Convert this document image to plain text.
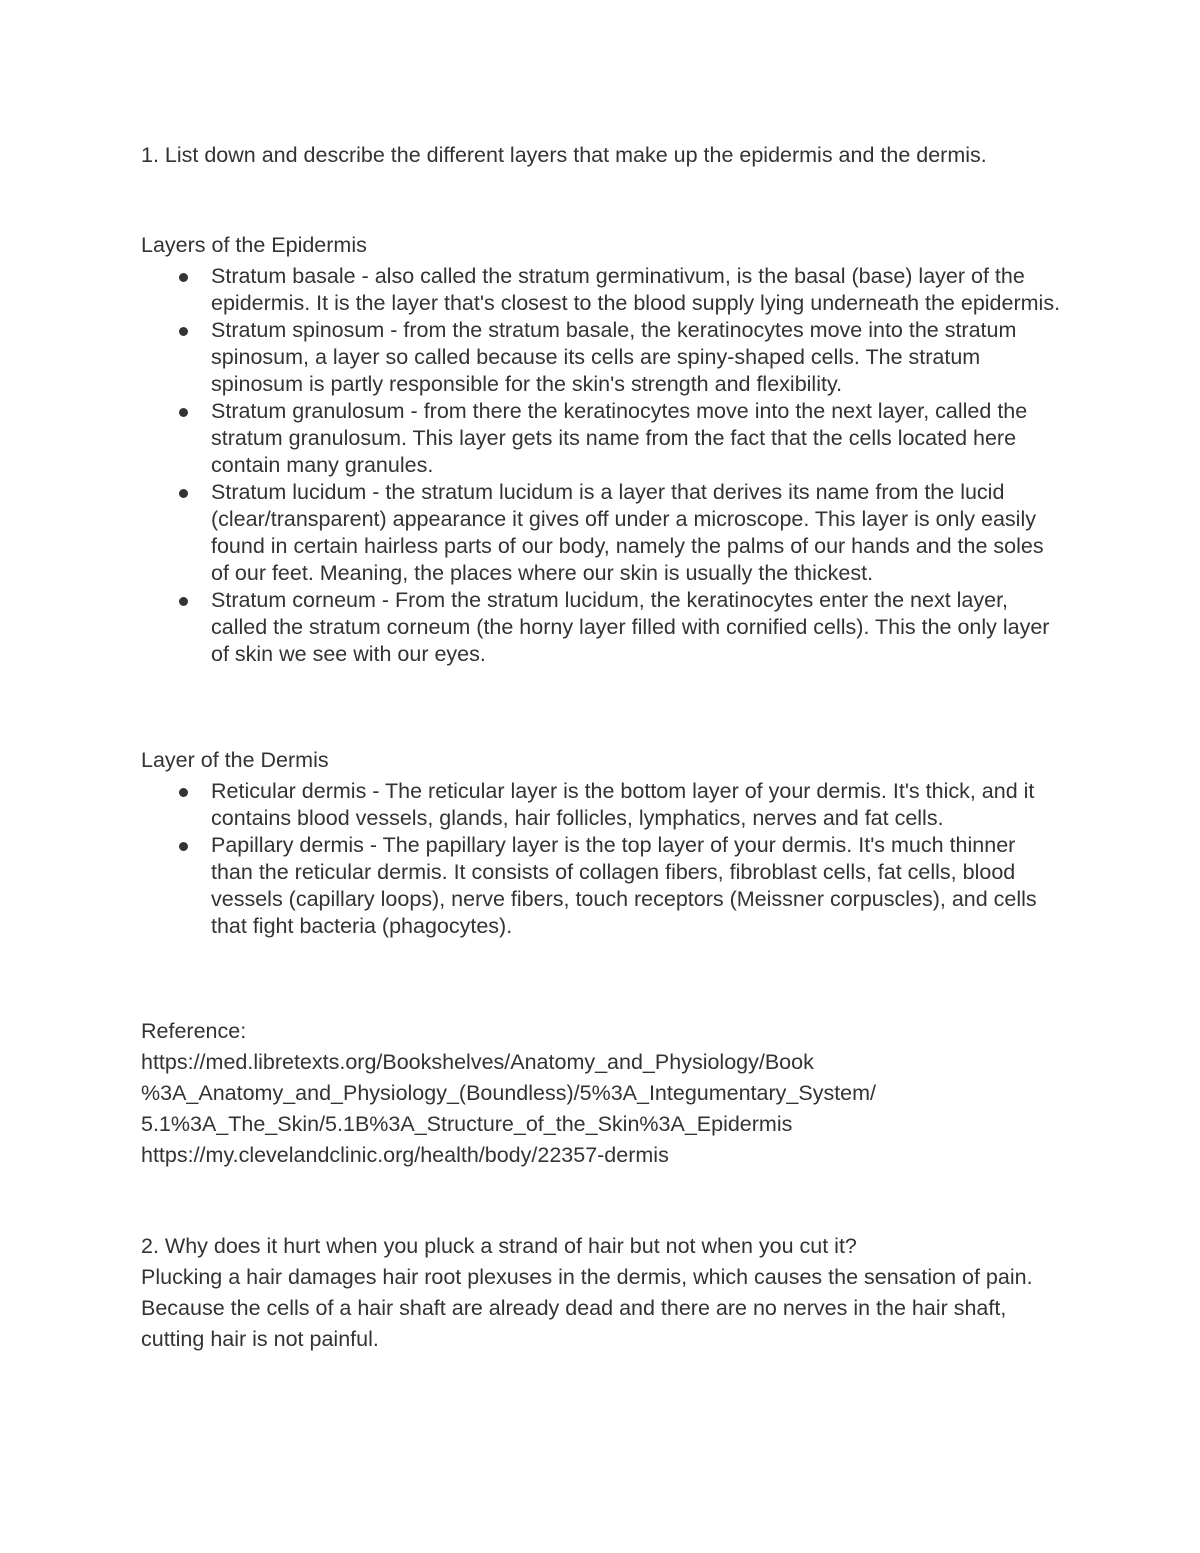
1. List down and describe the different layers that make up the epidermis and the dermis.
Layers of the Epidermis
Stratum basale - also called the stratum germinativum, is the basal (base) layer of the epidermis. It is the layer that's closest to the blood supply lying underneath the epidermis.
Stratum spinosum - from the stratum basale, the keratinocytes move into the stratum spinosum, a layer so called because its cells are spiny-shaped cells. The stratum spinosum is partly responsible for the skin's strength and flexibility.
Stratum granulosum - from there the keratinocytes move into the next layer, called the stratum granulosum. This layer gets its name from the fact that the cells located here contain many granules.
Stratum lucidum - the stratum lucidum is a layer that derives its name from the lucid (clear/transparent) appearance it gives off under a microscope. This layer is only easily found in certain hairless parts of our body, namely the palms of our hands and the soles of our feet. Meaning, the places where our skin is usually the thickest.
Stratum corneum - From the stratum lucidum, the keratinocytes enter the next layer, called the stratum corneum (the horny layer filled with cornified cells). This the only layer of skin we see with our eyes.
Layer of the Dermis
Reticular dermis - The reticular layer is the bottom layer of your dermis. It's thick, and it contains blood vessels, glands, hair follicles, lymphatics, nerves and fat cells.
Papillary dermis - The papillary layer is the top layer of your dermis. It's much thinner than the reticular dermis. It consists of collagen fibers, fibroblast cells, fat cells, blood vessels (capillary loops), nerve fibers, touch receptors (Meissner corpuscles), and cells that fight bacteria (phagocytes).
Reference:
https://med.libretexts.org/Bookshelves/Anatomy_and_Physiology/Book
%3A_Anatomy_and_Physiology_(Boundless)/5%3A_Integumentary_System/
5.1%3A_The_Skin/5.1B%3A_Structure_of_the_Skin%3A_Epidermis
https://my.clevelandclinic.org/health/body/22357-dermis
2. Why does it hurt when you pluck a strand of hair but not when you cut it?
Plucking a hair damages hair root plexuses in the dermis, which causes the sensation of pain. Because the cells of a hair shaft are already dead and there are no nerves in the hair shaft, cutting hair is not painful.
